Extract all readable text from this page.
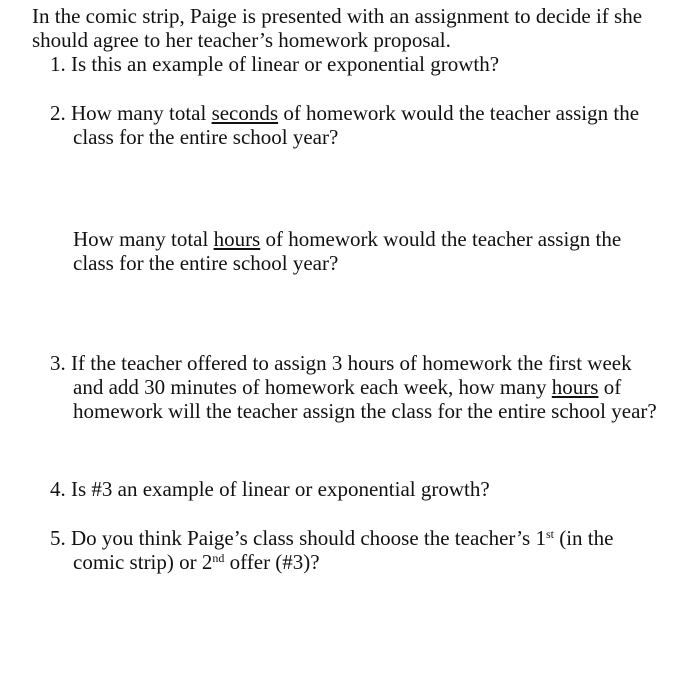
In the comic strip, Paige is presented with an assignment to decide if she
should agree to her teacher’s homework proposal.
1. Is this an example of linear or exponential growth?
2. How many total seconds of homework would the teacher assign the
class for the entire school year?
How many total hours of homework would the teacher assign the
class for the entire school year?
3. If the teacher offered to assign 3 hours of homework the first week
and add 30 minutes of homework each week, how many hours of
homework will the teacher assign the class for the entire school year?
4. Is #3 an example of linear or exponential growth?
5. Do you think Paige’s class should choose the teacher’s 1st (in the
comic strip) or 2nd offer (#3)?
